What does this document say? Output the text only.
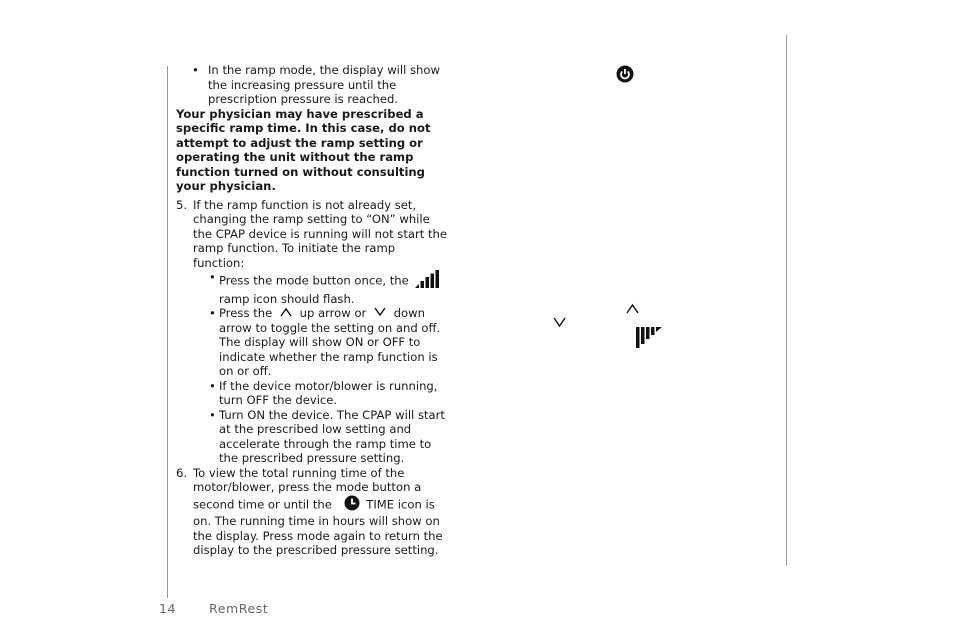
• In the ramp mode, the display will show the increasing pressure until the prescription pressure is reached.
Your physician may have prescribed a specific ramp time. In this case, do not attempt to adjust the ramp setting or operating the unit without the ramp function turned on without consulting your physician.
5. If the ramp function is not already set, changing the ramp setting to “ON” while the CPAP device is running will not start the ramp function. To initiate the ramp function:
• Press the mode button once, the
ramp icon should flash.
• Press the up arrow or down arrow to toggle the setting on and off. The display will show ON or OFF to indicate whether the ramp function is on or off.
• If the device motor/blower is running, turn OFF the device.
• Turn ON the device. The CPAP will start at the prescribed low setting and accelerate through the ramp time to the prescribed pressure setting.
6. To view the total running time of the motor/blower, press the mode button a second time or until the	TIME icon is on. The running time in hours will show on the display. Press mode again to return the display to the prescribed pressure setting.
14	RemRest
